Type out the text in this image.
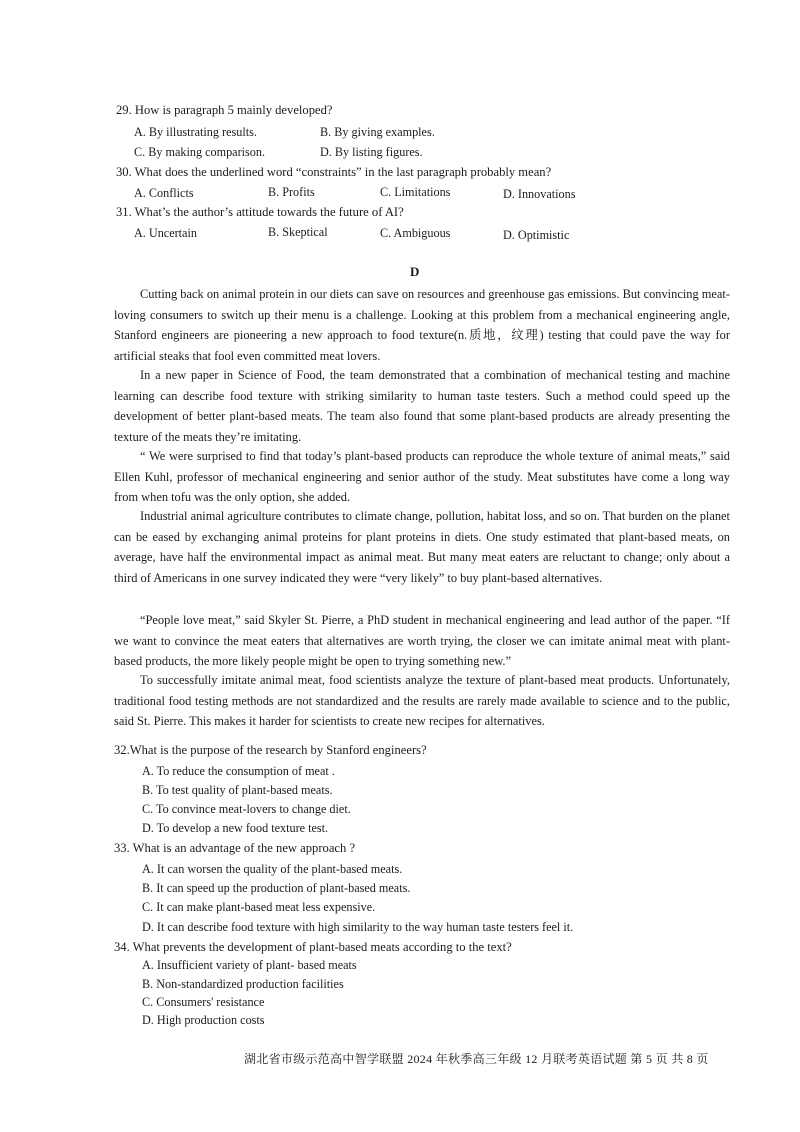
29. How is paragraph 5 mainly developed?
A. By illustrating results.	B. By giving examples.
C. By making comparison.	D. By listing figures.
30. What does the underlined word “constraints” in the last paragraph probably mean?
A. Conflicts	B. Profits	C. Limitations	D. Innovations
31. What’s the author’s attitude towards the future of AI?
A. Uncertain	B. Skeptical	C. Ambiguous	D. Optimistic
D
Cutting back on animal protein in our diets can save on resources and greenhouse gas emissions. But convincing meat-loving consumers to switch up their menu is a challenge. Looking at this problem from a mechanical engineering angle, Stanford engineers are pioneering a new approach to food texture(n.质地，纹理) testing that could pave the way for artificial steaks that fool even committed meat lovers.
In a new paper in Science of Food, the team demonstrated that a combination of mechanical testing and machine learning can describe food texture with striking similarity to human taste testers. Such a method could speed up the development of better plant-based meats. The team also found that some plant-based products are already presenting the texture of the meats they’re imitating.
“ We were surprised to find that today’s plant-based products can reproduce the whole texture of animal meats,” said Ellen Kuhl, professor of mechanical engineering and senior author of the study. Meat substitutes have come a long way from when tofu was the only option, she added.
Industrial animal agriculture contributes to climate change, pollution, habitat loss, and so on. That burden on the planet can be eased by exchanging animal proteins for plant proteins in diets. One study estimated that plant-based meats, on average, have half the environmental impact as animal meat. But many meat eaters are reluctant to change; only about a third of Americans in one survey indicated they were “very likely” to buy plant-based alternatives.
“People love meat,” said Skyler St. Pierre, a PhD student in mechanical engineering and lead author of the paper. “If we want to convince the meat eaters that alternatives are worth trying, the closer we can imitate animal meat with plant-based products, the more likely people might be open to trying something new.”
To successfully imitate animal meat, food scientists analyze the texture of plant-based meat products. Unfortunately, traditional food testing methods are not standardized and the results are rarely made available to science and to the public, said St. Pierre. This makes it harder for scientists to create new recipes for alternatives.
32.What is the purpose of the research by Stanford engineers?
A. To reduce the consumption of meat .
B. To test quality of plant-based meats.
C. To convince meat-lovers to change diet.
D. To develop a new food texture test.
33. What is an advantage of the new approach ?
A. It can worsen the quality of the plant-based meats.
B. It can speed up the production of plant-based meats.
C. It can make plant-based meat less expensive.
D. It can describe food texture with high similarity to the way human taste testers feel it.
34. What prevents the development of plant-based meats according to the text?
A. Insufficient variety of plant- based meats
B. Non-standardized production facilities
C. Consumers' resistance
D. High production costs
湖北省市级示范高中智学联盟 2024 年秋季高三年级 12 月联考英语试题 第 5 页 共 8 页
